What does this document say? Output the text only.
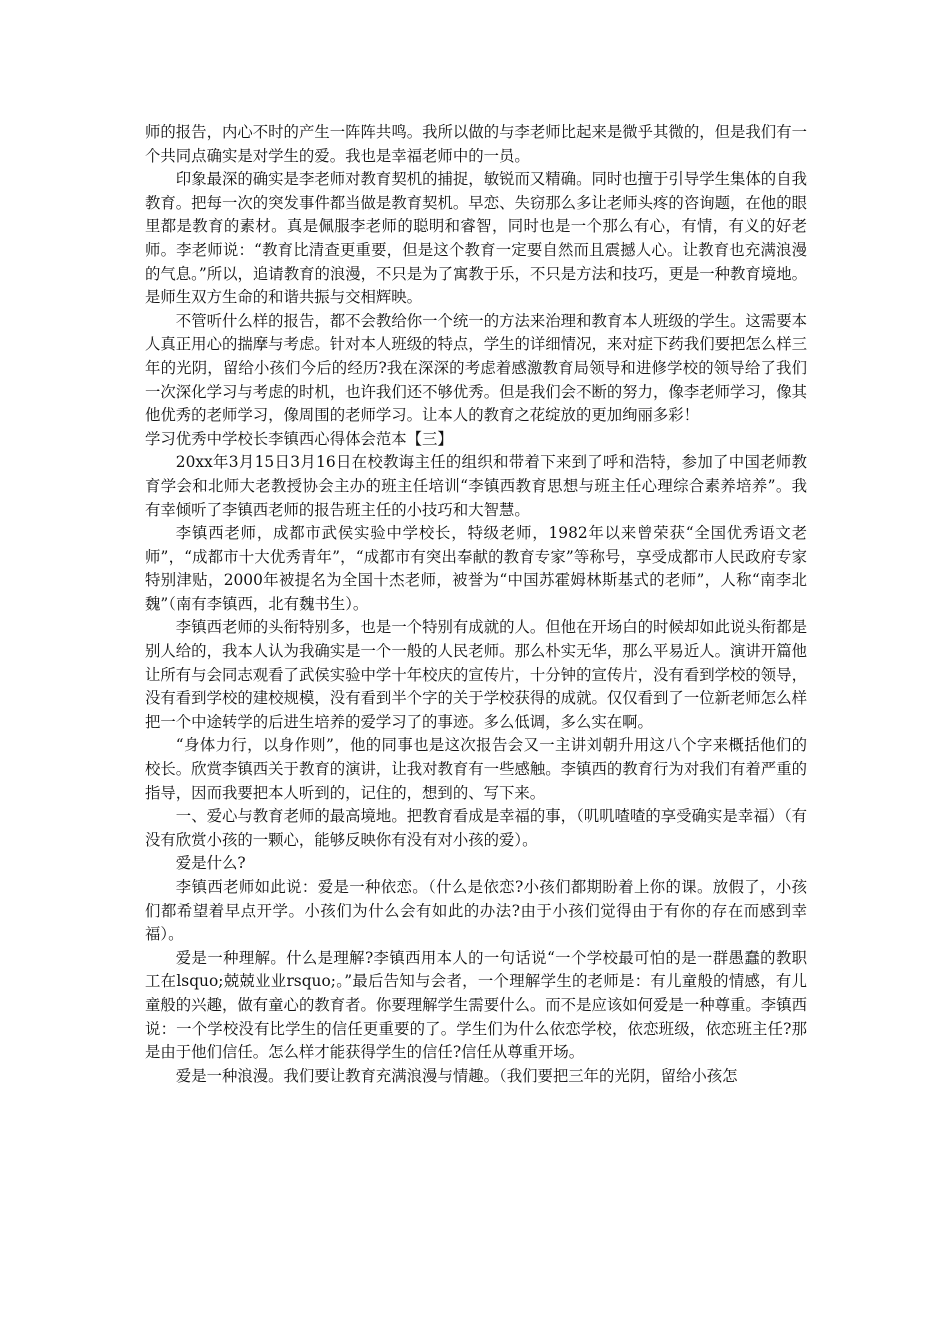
师的报告，内心不时的产生一阵阵共鸣。我所以做的与李老师比起来是微乎其微的，但是我们有一个共同点确实是对学生的爱。我也是幸福老师中的一员。

印象最深的确实是李老师对教育契机的捕捉，敏锐而又精确。同时也擅于引导学生集体的自我教育。把每一次的突发事件都当做是教育契机。早恋、失窃那么多让老师头疼的咨询题，在他的眼里都是教育的素材。真是佩服李老师的聪明和睿智，同时也是一个那么有心，有情，有义的好老师。李老师说：“教育比清查更重要，但是这个教育一定要自然而且震撼人心。让教育也充满浪漫的气息。”所以，追请教育的浪漫，不只是为了寓教于乐，不只是方法和技巧，更是一种教育境地。是师生双方生命的和谐共振与交相辉映。

不管听什么样的报告，都不会教给你一个统一的方法来治理和教育本人班级的学生。这需要本人真正用心的揣摩与考虑。针对本人班级的特点，学生的详细情况，来对症下药我们要把怎么样三年的光阴，留给小孩们今后的经历?我在深深的考虑着感激教育局领导和进修学校的领导给了我们一次深化学习与考虑的时机，也许我们还不够优秀。但是我们会不断的努力，像李老师学习，像其他优秀的老师学习，像周围的老师学习。让本人的教育之花绽放的更加绚丽多彩！

学习优秀中学校长李镇西心得体会范本【三】

20xx年3月15日3月16日在校教诲主任的组织和带着下来到了呼和浩特，参加了中国老师教育学会和北师大老教授协会主办的班主任培训“李镇西教育思想与班主任心理综合素养培养”。我有幸倾听了李镇西老师的报告班主任的小技巧和大智慧。

李镇西老师，成都市武侯实验中学校长，特级老师，1982年以来曾荣获“全国优秀语文老师”，“成都市十大优秀青年”，“成都市有突出奉献的教育专家”等称号，享受成都市人民政府专家特别津贴，2000年被提名为全国十杰老师，被誉为“中国苏霍姆林斯基式的老师”，人称“南李北魏”（南有李镇西，北有魏书生）。

李镇西老师的头衔特别多，也是一个特别有成就的人。但他在开场白的时候却如此说头衔都是别人给的，我本人认为我确实是一个一般的人民老师。那么朴实无华，那么平易近人。演讲开篇他让所有与会同志观看了武侯实验中学十年校庆的宣传片，十分钟的宣传片，没有看到学校的领导，没有看到学校的建校规模，没有看到半个字的关于学校获得的成就。仅仅看到了一位新老师怎么样把一个中途转学的后进生培养的爱学习了的事迹。多么低调，多么实在啊。

“身体力行，以身作则”，他的同事也是这次报告会又一主讲刘朝升用这八个字来概括他们的校长。欣赏李镇西关于教育的演讲，让我对教育有一些感触。李镇西的教育行为对我们有着严重的指导，因而我要把本人听到的，记住的，想到的、写下来。

一、爱心与教育老师的最高境地。把教育看成是幸福的事，（叽叽喳喳的享受确实是幸福）（有没有欣赏小孩的一颗心，能够反映你有没有对小孩的爱）。

爱是什么?

李镇西老师如此说：爱是一种依恋。（什么是依恋?小孩们都期盼着上你的课。放假了，小孩们都希望着早点开学。小孩们为什么会有如此的办法?由于小孩们觉得由于有你的存在而感到幸福）。

爱是一种理解。什么是理解?李镇西用本人的一句话说“一个学校最可怕的是一群愚蠢的教职工在lsquo;兢兢业业rsquo;。”最后告知与会者，一个理解学生的老师是：有儿童般的情感，有儿童般的兴趣，做有童心的教育者。你要理解学生需要什么。而不是应该如何爱是一种尊重。李镇西说：一个学校没有比学生的信任更重要的了。学生们为什么依恋学校，依恋班级，依恋班主任?那是由于他们信任。怎么样才能获得学生的信任?信任从尊重开场。

爱是一种浪漫。我们要让教育充满浪漫与情趣。（我们要把三年的光阴，留给小孩怎
